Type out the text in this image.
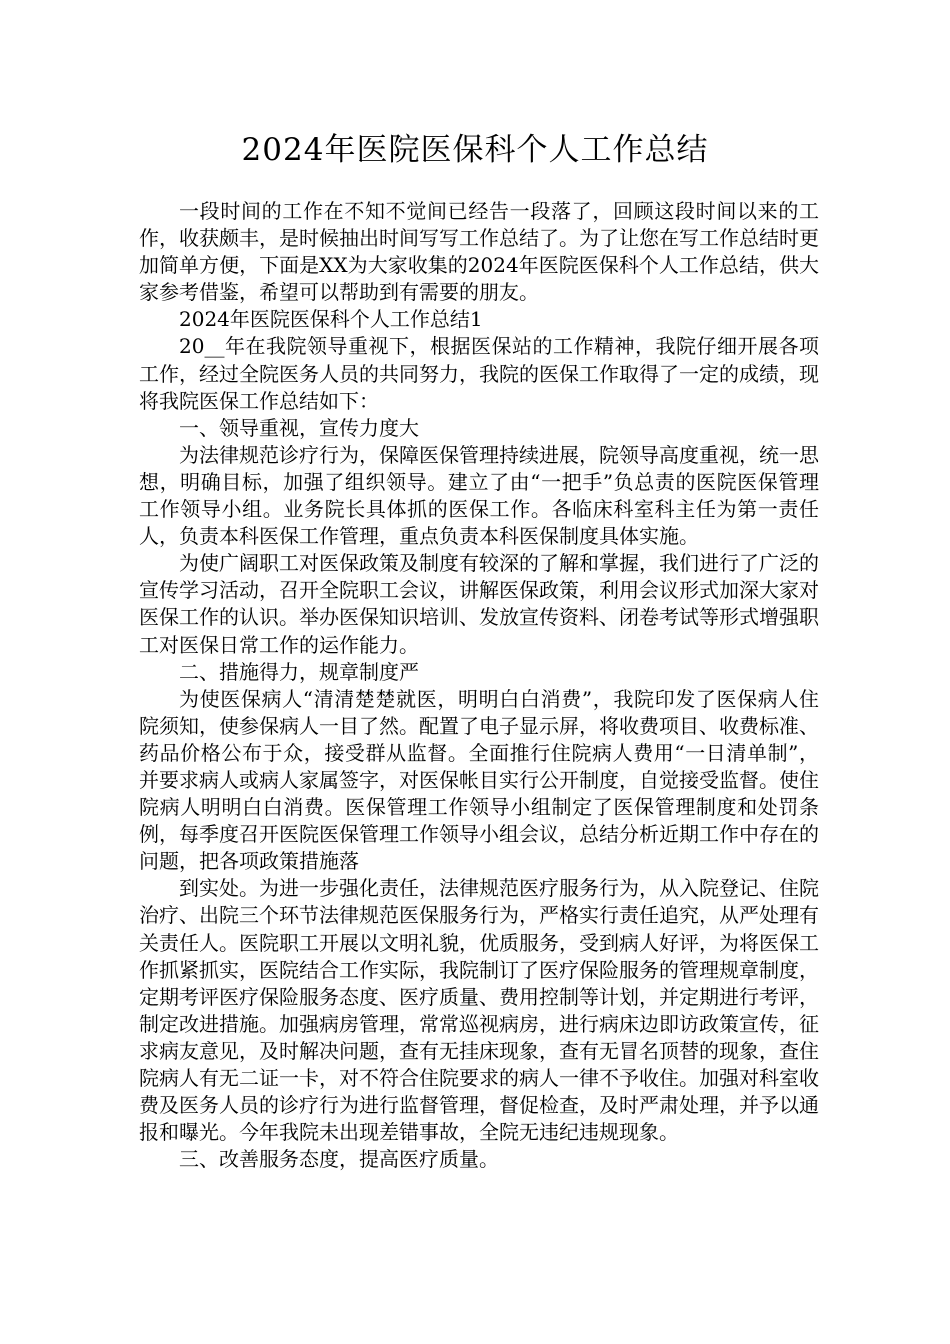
2024年医院医保科个人工作总结

一段时间的工作在不知不觉间已经告一段落了，回顾这段时间以来的工作，收获颇丰，是时候抽出时间写写工作总结了。为了让您在写工作总结时更加简单方便，下面是XX为大家收集的2024年医院医保科个人工作总结，供大家参考借鉴，希望可以帮助到有需要的朋友。

2024年医院医保科个人工作总结1

20__年在我院领导重视下，根据医保站的工作精神，我院仔细开展各项工作，经过全院医务人员的共同努力，我院的医保工作取得了一定的成绩，现将我院医保工作总结如下：

一、领导重视，宣传力度大

为法律规范诊疗行为，保障医保管理持续进展，院领导高度重视，统一思想，明确目标，加强了组织领导。建立了由“一把手”负总责的医院医保管理工作领导小组。业务院长具体抓的医保工作。各临床科室科主任为第一责任人，负责本科医保工作管理，重点负责本科医保制度具体实施。

为使广阔职工对医保政策及制度有较深的了解和掌握，我们进行了广泛的宣传学习活动，召开全院职工会议，讲解医保政策，利用会议形式加深大家对医保工作的认识。举办医保知识培训、发放宣传资料、闭卷考试等形式增强职工对医保日常工作的运作能力。

二、措施得力，规章制度严

为使医保病人“清清楚楚就医，明明白白消费”，我院印发了医保病人住院须知，使参保病人一目了然。配置了电子显示屏，将收费项目、收费标准、药品价格公布于众，接受群从监督。全面推行住院病人费用“一日清单制”，并要求病人或病人家属签字，对医保帐目实行公开制度，自觉接受监督。使住院病人明明白白消费。医保管理工作领导小组制定了医保管理制度和处罚条例，每季度召开医院医保管理工作领导小组会议，总结分析近期工作中存在的问题，把各项政策措施落

到实处。为进一步强化责任，法律规范医疗服务行为，从入院登记、住院治疗、出院三个环节法律规范医保服务行为，严格实行责任追究，从严处理有关责任人。医院职工开展以文明礼貌，优质服务，受到病人好评，为将医保工作抓紧抓实，医院结合工作实际，我院制订了医疗保险服务的管理规章制度，定期考评医疗保险服务态度、医疗质量、费用控制等计划，并定期进行考评，制定改进措施。加强病房管理，常常巡视病房，进行病床边即访政策宣传，征求病友意见，及时解决问题，查有无挂床现象，查有无冒名顶替的现象，查住院病人有无二证一卡，对不符合住院要求的病人一律不予收住。加强对科室收费及医务人员的诊疗行为进行监督管理，督促检查，及时严肃处理，并予以通报和曝光。今年我院未出现差错事故，全院无违纪违规现象。

三、改善服务态度，提高医疗质量。
